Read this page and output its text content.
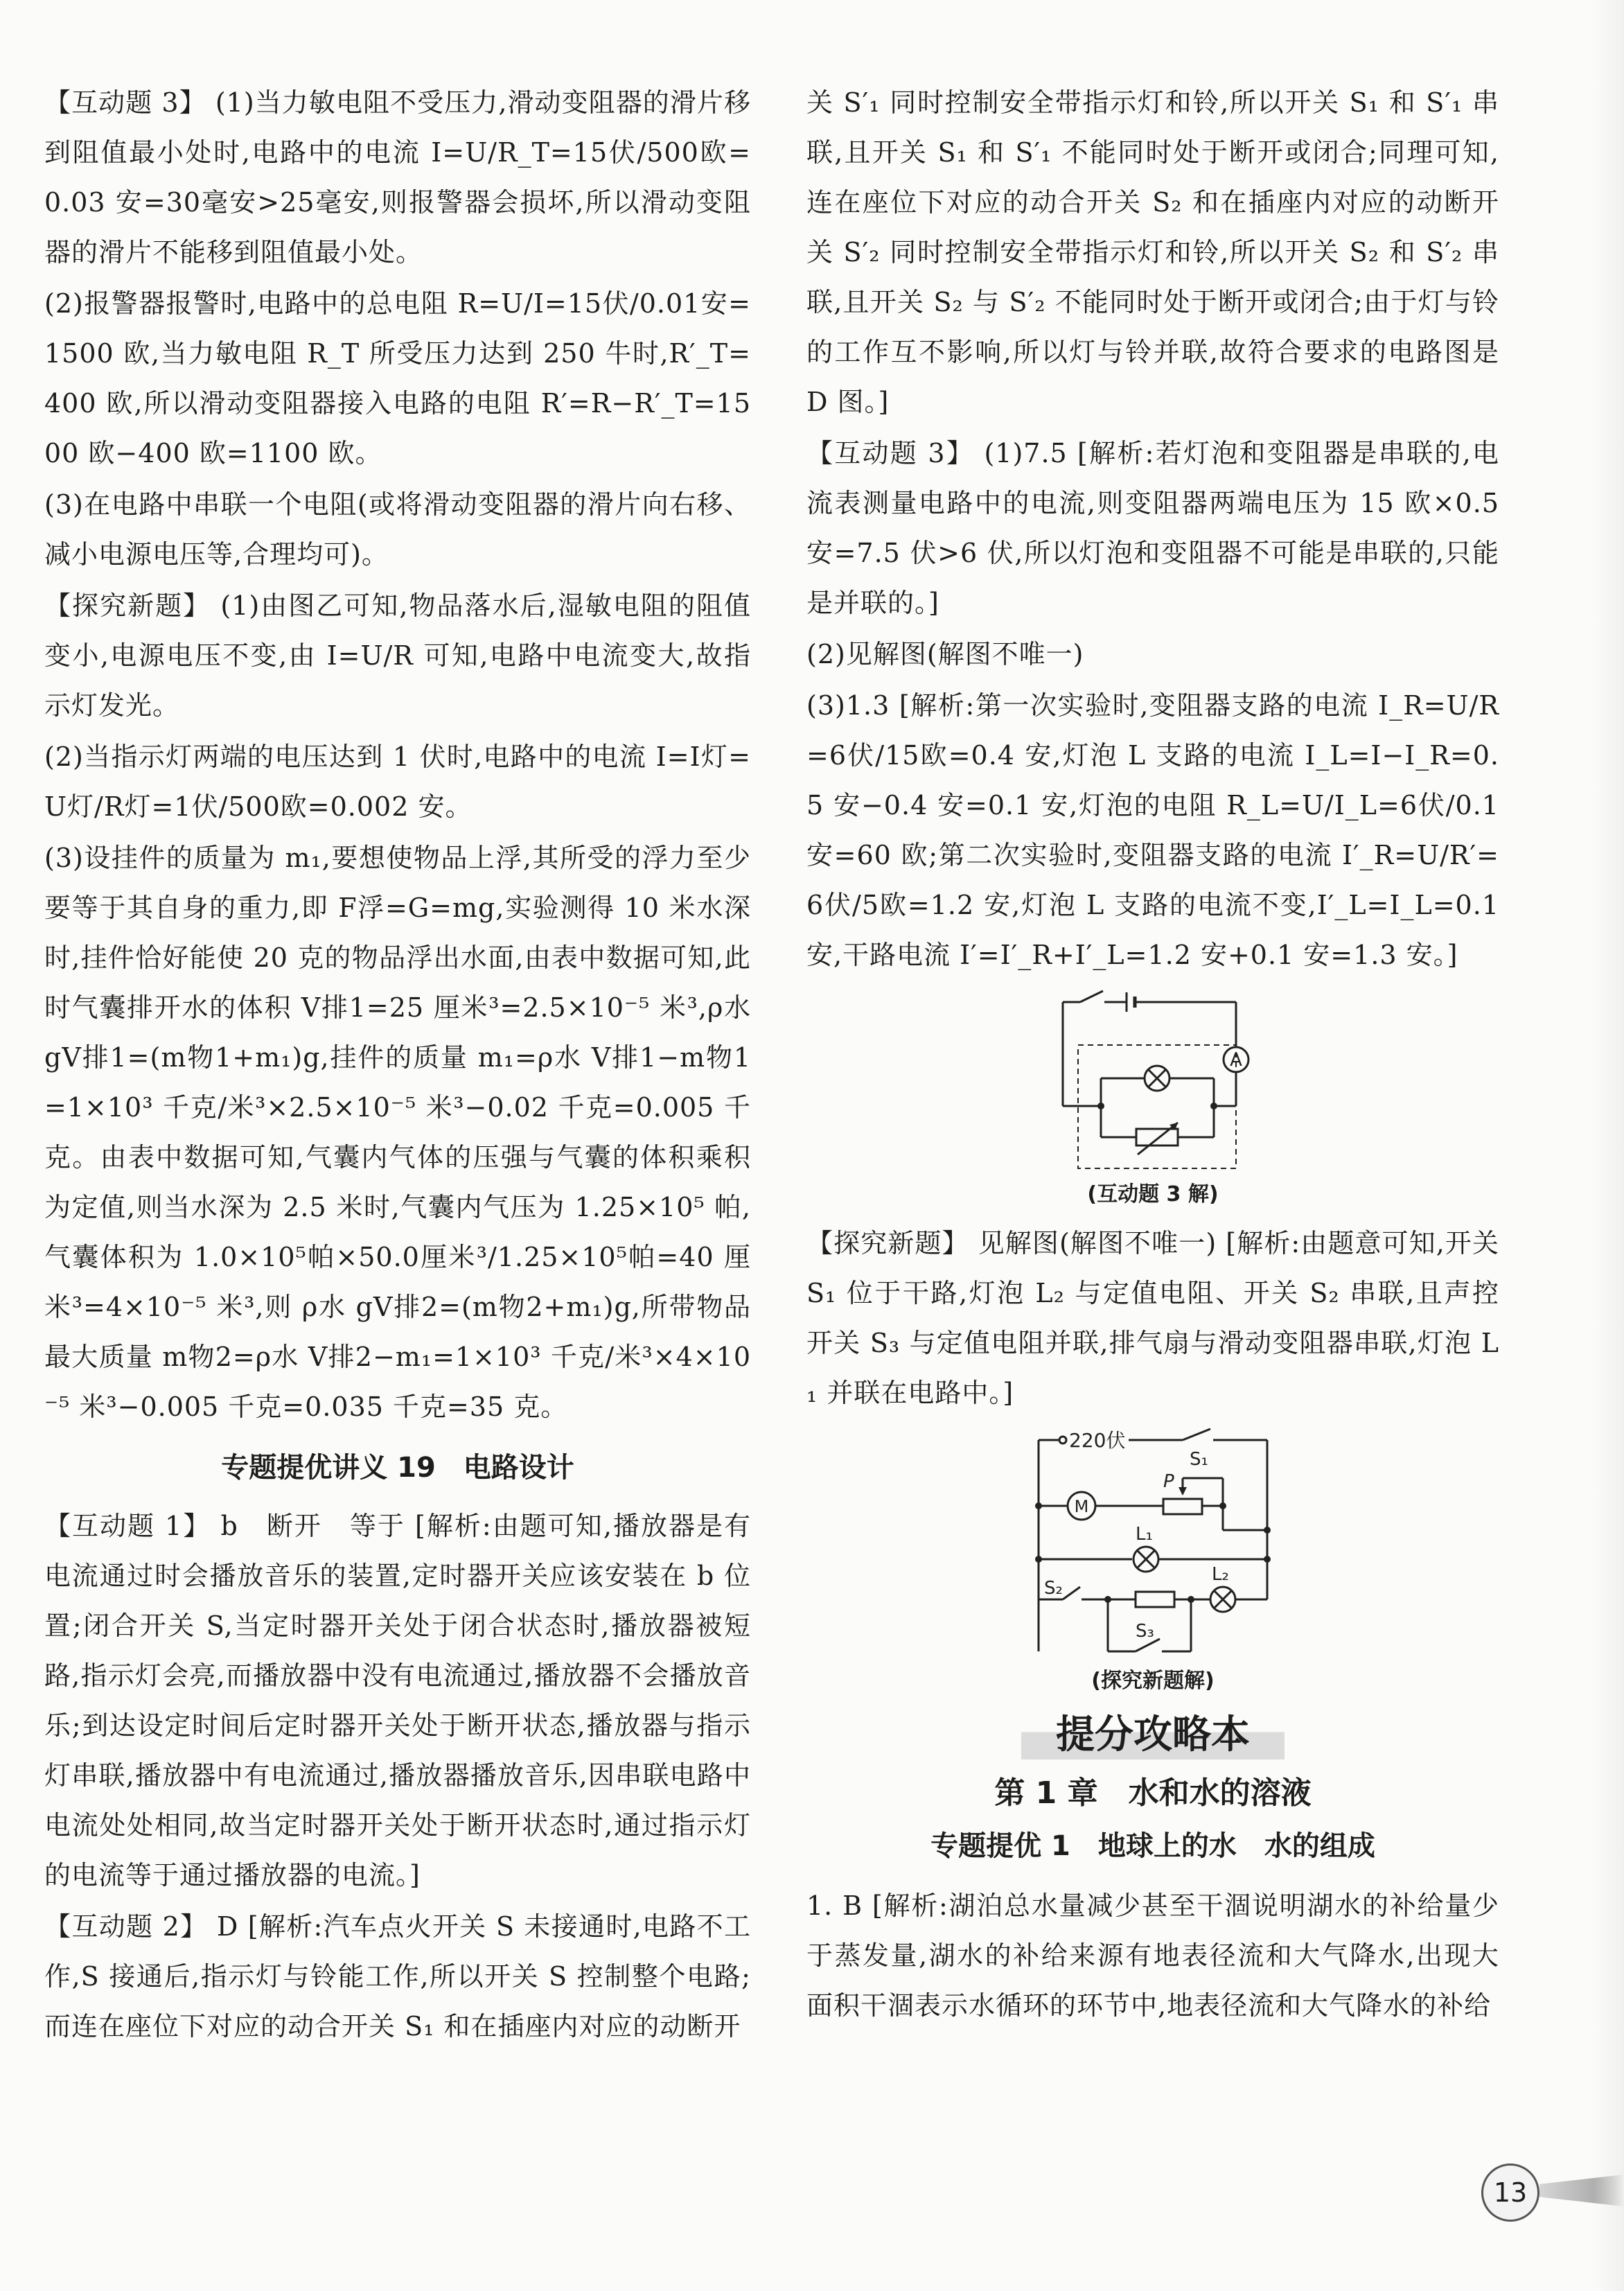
【互动题 3】 (1)当力敏电阻不受压力,滑动变阻器的滑片移到阻值最小处时,电路中的电流 I=U/R_T=15伏/500欧=0.03 安=30毫安>25毫安,则报警器会损坏,所以滑动变阻器的滑片不能移到阻值最小处。

(2)报警器报警时,电路中的总电阻 R=U/I=15伏/0.01安=1500 欧,当力敏电阻 R_T 所受压力达到 250 牛时,R′_T=400 欧,所以滑动变阻器接入电路的电阻 R′=R−R′_T=1500 欧−400 欧=1100 欧。

(3)在电路中串联一个电阻(或将滑动变阻器的滑片向右移、减小电源电压等,合理均可)。

【探究新题】 (1)由图乙可知,物品落水后,湿敏电阻的阻值变小,电源电压不变,由 I=U/R 可知,电路中电流变大,故指示灯发光。

(2)当指示灯两端的电压达到 1 伏时,电路中的电流 I=I灯=U灯/R灯=1伏/500欧=0.002 安。

(3)设挂件的质量为 m₁,要想使物品上浮,其所受的浮力至少要等于其自身的重力,即 F浮=G=mg,实验测得 10 米水深时,挂件恰好能使 20 克的物品浮出水面,由表中数据可知,此时气囊排开水的体积 V排1=25 厘米³=2.5×10⁻⁵ 米³,ρ水 gV排1=(m物1+m₁)g,挂件的质量 m₁=ρ水 V排1−m物1=1×10³ 千克/米³×2.5×10⁻⁵ 米³−0.02 千克=0.005 千克。由表中数据可知,气囊内气体的压强与气囊的体积乘积为定值,则当水深为 2.5 米时,气囊内气压为 1.25×10⁵ 帕,气囊体积为 1.0×10⁵帕×50.0厘米³/1.25×10⁵帕=40 厘米³=4×10⁻⁵ 米³,则 ρ水 gV排2=(m物2+m₁)g,所带物品最大质量 m物2=ρ水 V排2−m₁=1×10³ 千克/米³×4×10⁻⁵ 米³−0.005 千克=0.035 千克=35 克。

专题提优讲义 19　电路设计

【互动题 1】 b　断开　等于 [解析:由题可知,播放器是有电流通过时会播放音乐的装置,定时器开关应该安装在 b 位置;闭合开关 S,当定时器开关处于闭合状态时,播放器被短路,指示灯会亮,而播放器中没有电流通过,播放器不会播放音乐;到达设定时间后定时器开关处于断开状态,播放器与指示灯串联,播放器中有电流通过,播放器播放音乐,因串联电路中电流处处相同,故当定时器开关处于断开状态时,通过指示灯的电流等于通过播放器的电流。]

【互动题 2】 D [解析:汽车点火开关 S 未接通时,电路不工作,S 接通后,指示灯与铃能工作,所以开关 S 控制整个电路;而连在座位下对应的动合开关 S₁ 和在插座内对应的动断开

关 S′₁ 同时控制安全带指示灯和铃,所以开关 S₁ 和 S′₁ 串联,且开关 S₁ 和 S′₁ 不能同时处于断开或闭合;同理可知,连在座位下对应的动合开关 S₂ 和在插座内对应的动断开关 S′₂ 同时控制安全带指示灯和铃,所以开关 S₂ 和 S′₂ 串联,且开关 S₂ 与 S′₂ 不能同时处于断开或闭合;由于灯与铃的工作互不影响,所以灯与铃并联,故符合要求的电路图是 D 图。]

【互动题 3】 (1)7.5 [解析:若灯泡和变阻器是串联的,电流表测量电路中的电流,则变阻器两端电压为 15 欧×0.5 安=7.5 伏>6 伏,所以灯泡和变阻器不可能是串联的,只能是并联的。]

(2)见解图(解图不唯一)

(3)1.3 [解析:第一次实验时,变阻器支路的电流 I_R=U/R=6伏/15欧=0.4 安,灯泡 L 支路的电流 I_L=I−I_R=0.5 安−0.4 安=0.1 安,灯泡的电阻 R_L=U/I_L=6伏/0.1安=60 欧;第二次实验时,变阻器支路的电流 I′_R=U/R′=6伏/5欧=1.2 安,灯泡 L 支路的电流不变,I′_L=I_L=0.1 安,干路电流 I′=I′_R+I′_L=1.2 安+0.1 安=1.3 安。]

A
(互动题 3 解)

【探究新题】 见解图(解图不唯一) [解析:由题意可知,开关 S₁ 位于干路,灯泡 L₂ 与定值电阻、开关 S₂ 串联,且声控开关 S₃ 与定值电阻并联,排气扇与滑动变阻器串联,灯泡 L₁ 并联在电路中。]

220伏
S₁
M
P
L₁
S₂
L₂
S₃
(探究新题解)
提分攻略本
第 1 章　水和水的溶液
专题提优 1　地球上的水　水的组成

1. B [解析:湖泊总水量减少甚至干涸说明湖水的补给量少于蒸发量,湖水的补给来源有地表径流和大气降水,出现大面积干涸表示水循环的环节中,地表径流和大气降水的补给

13
